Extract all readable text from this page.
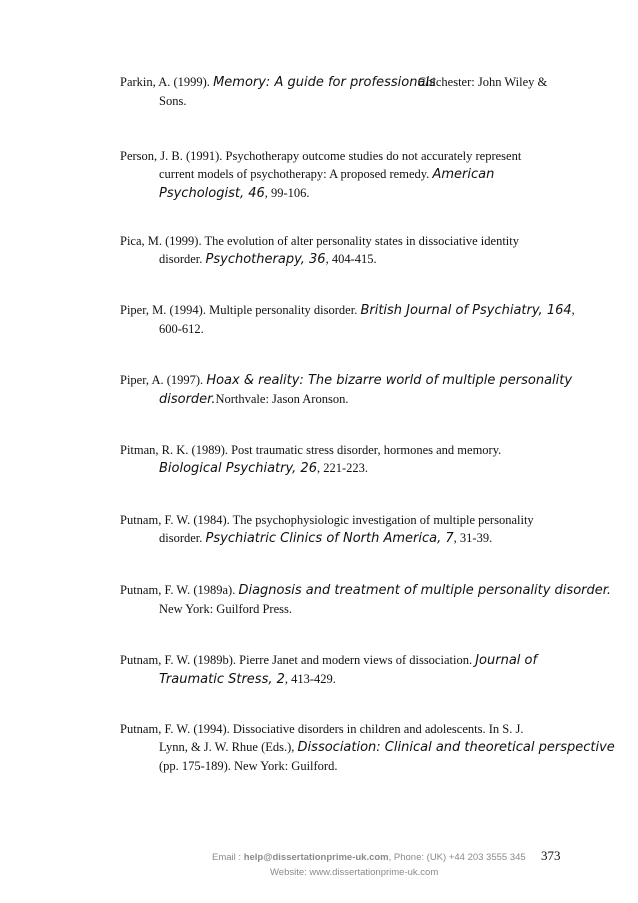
Parkin, A. (1999). Memory: A guide for professionalsChichester: John Wiley &
Sons.
Person, J. B. (1991). Psychotherapy outcome studies do not accurately represent
current models of psychotherapy: A proposed remedy. American
Psychologist, 46, 99-106.
Pica, M. (1999). The evolution of alter personality states in dissociative identity
disorder. Psychotherapy, 36, 404-415.
Piper, M. (1994). Multiple personality disorder. British Journal of Psychiatry, 164,
600-612.
Piper, A. (1997). Hoax & reality: The bizarre world of multiple personality
disorder.Northvale: Jason Aronson.
Pitman, R. K. (1989). Post traumatic stress disorder, hormones and memory.
Biological Psychiatry, 26, 221-223.
Putnam, F. W. (1984). The psychophysiologic investigation of multiple personality
disorder. Psychiatric Clinics of North America, 7, 31-39.
Putnam, F. W. (1989a). Diagnosis and treatment of multiple personality disorder.
New York: Guilford Press.
Putnam, F. W. (1989b). Pierre Janet and modern views of dissociation. Journal of
Traumatic Stress, 2, 413-429.
Putnam, F. W. (1994). Dissociative disorders in children and adolescents. In S. J.
Lynn, & J. W. Rhue (Eds.), Dissociation: Clinical and theoretical perspective
(pp. 175-189). New York: Guilford.
Email : help@dissertationprime-uk.com, Phone: (UK) +44 203 3555 345
Website: www.dissertationprime-uk.com
373
